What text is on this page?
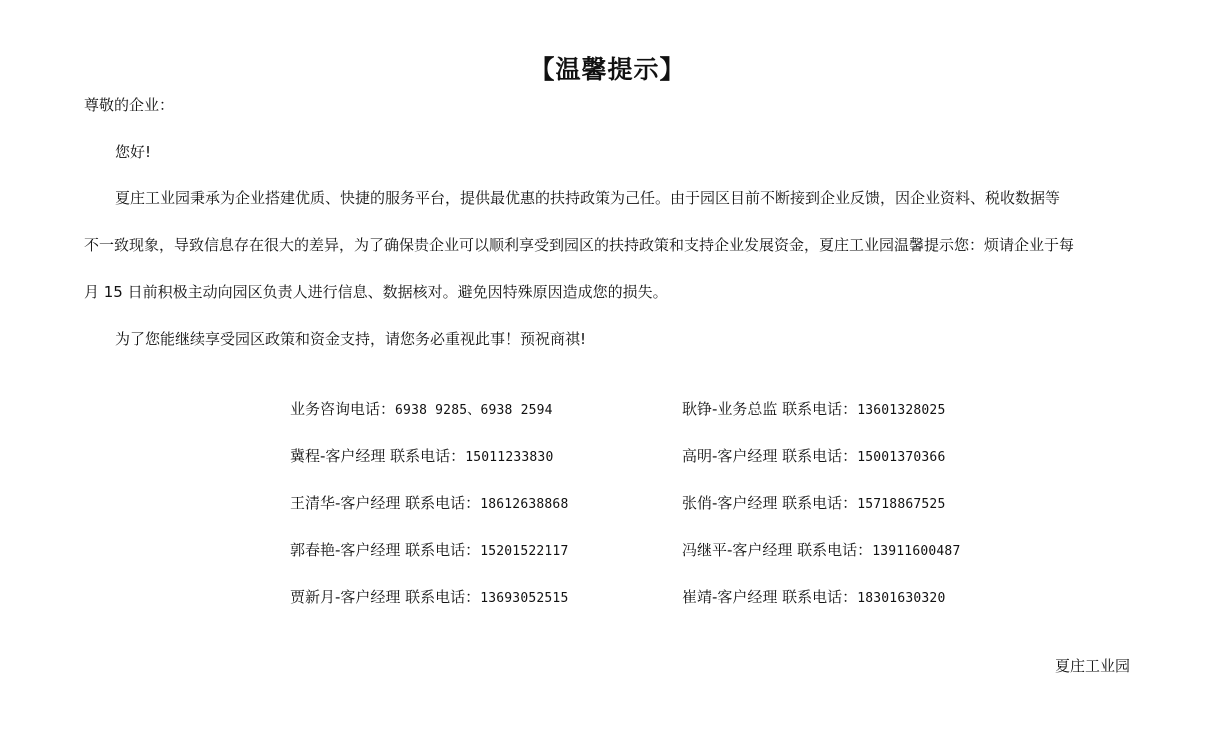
【温馨提示】
尊敬的企业：
您好!
夏庄工业园秉承为企业搭建优质、快捷的服务平台，提供最优惠的扶持政策为己任。由于园区目前不断接到企业反馈，因企业资料、税收数据等
不一致现象，导致信息存在很大的差异，为了确保贵企业可以顺利享受到园区的扶持政策和支持企业发展资金，夏庄工业园温馨提示您：烦请企业于每
月 15 日前积极主动向园区负责人进行信息、数据核对。避免因特殊原因造成您的损失。
为了您能继续享受园区政策和资金支持，请您务必重视此事！预祝商祺!
业务咨询电话：6938 9285、6938 2594	耿铮-业务总监 联系电话：13601328025
冀程-客户经理 联系电话：15011233830	高明-客户经理 联系电话：15001370366
王清华-客户经理 联系电话：18612638868	张俏-客户经理 联系电话：15718867525
郭春艳-客户经理 联系电话：15201522117	冯继平-客户经理 联系电话：13911600487
贾新月-客户经理 联系电话：13693052515	崔靖-客户经理 联系电话：18301630320
夏庄工业园
